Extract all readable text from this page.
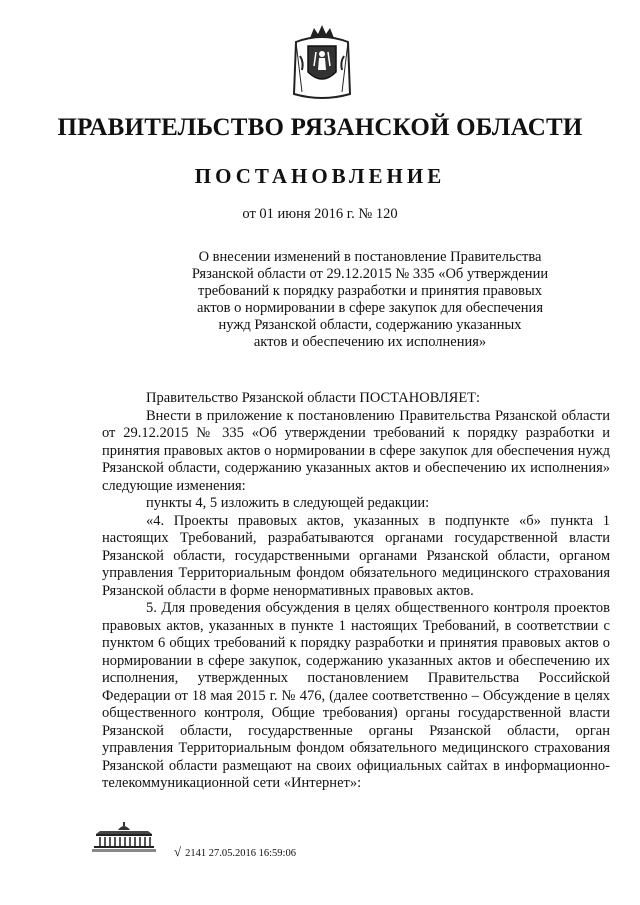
ПРАВИТЕЛЬСТВО РЯЗАНСКОЙ ОБЛАСТИ
ПОСТАНОВЛЕНИЕ
от 01 июня 2016 г. № 120
О внесении изменений в постановление Правительства
Рязанской области от 29.12.2015 № 335 «Об утверждении
требований к порядку разработки и принятия правовых
актов о нормировании в сфере закупок для обеспечения
нужд Рязанской области, содержанию указанных
актов и обеспечению их исполнения»

Правительство Рязанской области ПОСТАНОВЛЯЕТ:

Внести в приложение к постановлению Правительства Рязанской области от 29.12.2015 № 335 «Об утверждении требований к порядку разработки и принятия правовых актов о нормировании в сфере закупок для обеспечения нужд Рязанской области, содержанию указанных актов и обеспечению их исполнения» следующие изменения:

пункты 4, 5 изложить в следующей редакции:

«4. Проекты правовых актов, указанных в подпункте «б» пункта 1 настоящих Требований, разрабатываются органами государственной власти Рязанской области, государственными органами Рязанской области, органом управления Территориальным фондом обязательного медицинского страхования Рязанской области в форме ненормативных правовых актов.

5. Для проведения обсуждения в целях общественного контроля проектов правовых актов, указанных в пункте 1 настоящих Требований, в соответствии с пунктом 6 общих требований к порядку разработки и принятия правовых актов о нормировании в сфере закупок, содержанию указанных актов и обеспечению их исполнения, утвержденных постановлением Правительства Российской Федерации от 18 мая 2015 г. № 476, (далее соответственно – Обсуждение в целях общественного контроля, Общие требования) органы государственной власти Рязанской области, государственные органы Рязанской области, орган управления Территориальным фондом обязательного медицинского страхования Рязанской области размещают на своих официальных сайтах в информационно-телекоммуникационной сети «Интернет»:

√ 2141 27.05.2016 16:59:06
